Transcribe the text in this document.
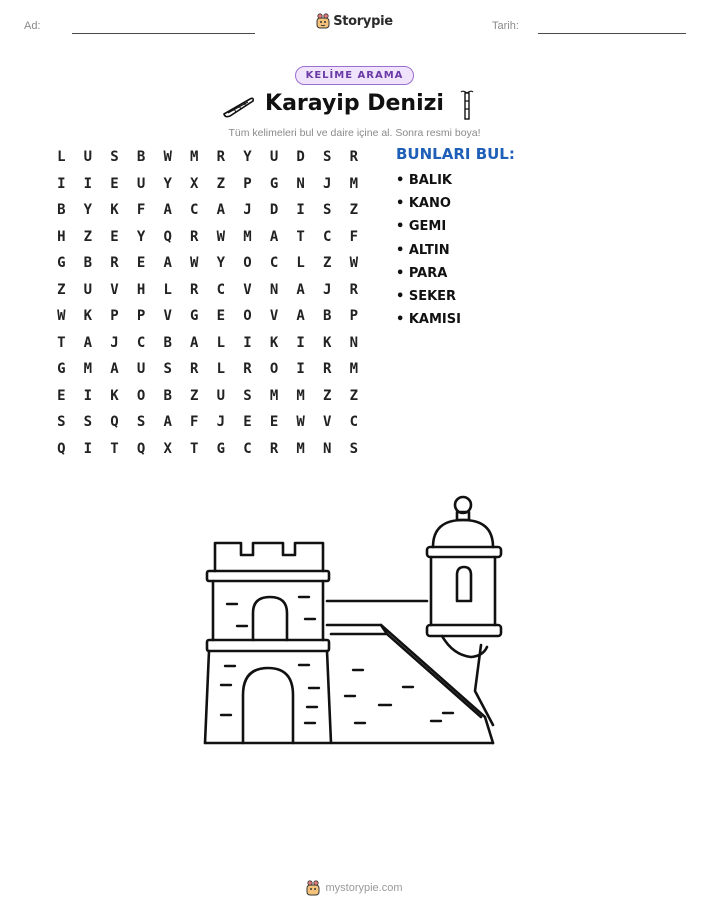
Ad:	Tarih:
Storypie
KELİME ARAMA
Karayip Denizi
Tüm kelimeleri bul ve daire içine al. Sonra resmi boya!
L	U	S	B	W	M	R	Y	U	D	S	R
I	I	E	U	Y	X	Z	P	G	N	J	M
B	Y	K	F	A	C	A	J	D	I	S	Z
H	Z	E	Y	Q	R	W	M	A	T	C	F
G	B	R	E	A	W	Y	O	C	L	Z	W
Z	U	V	H	L	R	C	V	N	A	J	R
W	K	P	P	V	G	E	O	V	A	B	P
T	A	J	C	B	A	L	I	K	I	K	N
G	M	A	U	S	R	L	R	O	I	R	M
E	I	K	O	B	Z	U	S	M	M	Z	Z
S	S	Q	S	A	F	J	E	E	W	V	C
Q	I	T	Q	X	T	G	C	R	M	N	S
BUNLARI BUL:
• BALIK
• KANO
• GEMI
• ALTIN
• PARA
• SEKER
• KAMISI
mystorypie.com
